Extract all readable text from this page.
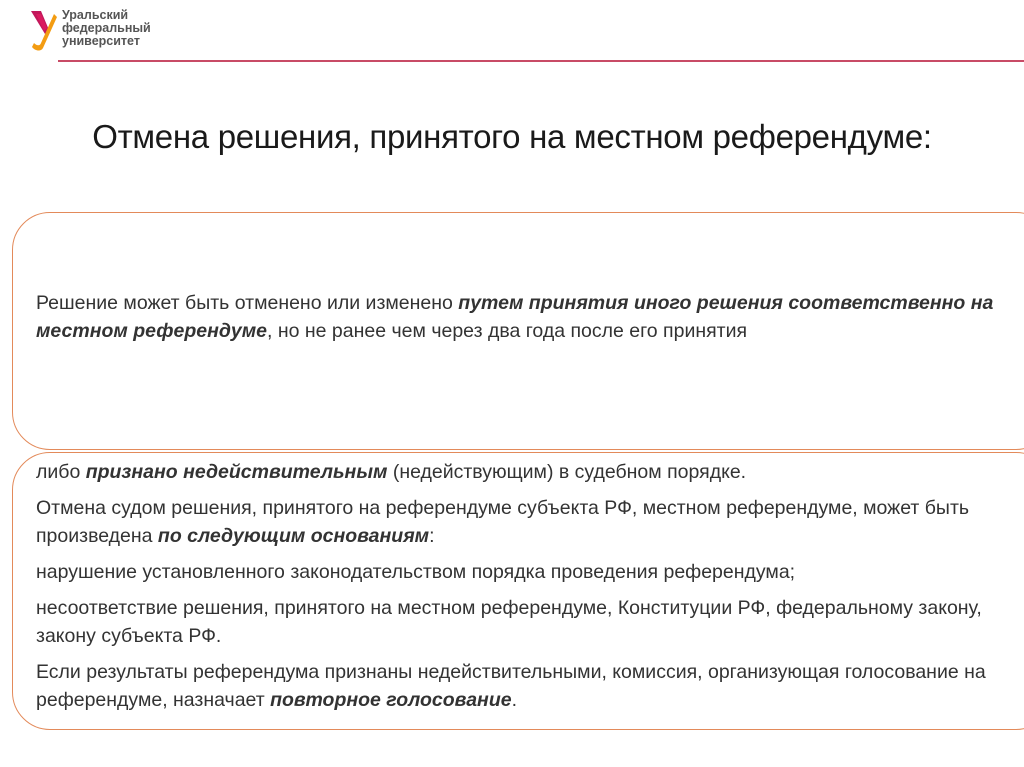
Уральский
федеральный
университет

Отмена решения, принятого на местном референдуме:

Решение может быть отменено или изменено путем принятия иного решения соответственно на местном референдуме, но не ранее чем через два года после его принятия

либо признано недействительным (недействующим) в судебном порядке.

Отмена судом решения, принятого на референдуме субъекта РФ, местном референдуме, может быть произведена по следующим основаниям:

нарушение установленного законодательством порядка проведения референдума;

несоответствие решения, принятого на местном референдуме, Конституции РФ, федеральному закону, закону субъекта РФ.

Если результаты референдума признаны недействительными, комиссия, организующая голосование на референдуме, назначает повторное голосование.
